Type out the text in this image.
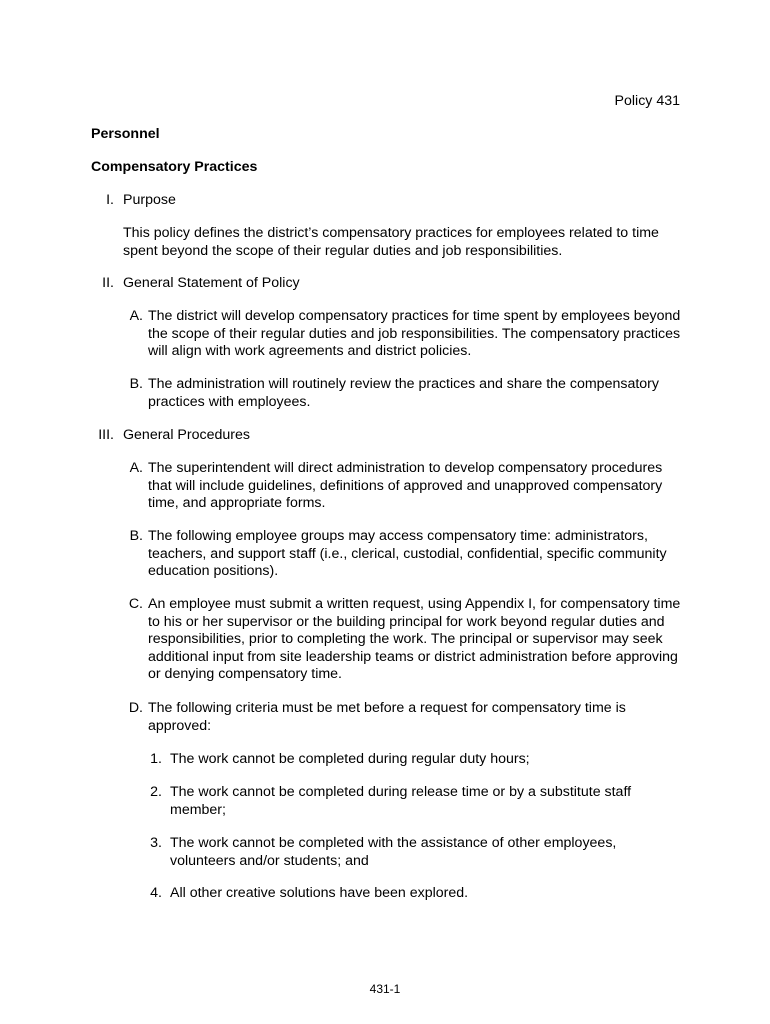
Policy 431
Personnel
Compensatory Practices
I. Purpose
This policy defines the district’s compensatory practices for employees related to time spent beyond the scope of their regular duties and job responsibilities.
II. General Statement of Policy
A. The district will develop compensatory practices for time spent by employees beyond the scope of their regular duties and job responsibilities. The compensatory practices will align with work agreements and district policies.
B. The administration will routinely review the practices and share the compensatory practices with employees.
III. General Procedures
A. The superintendent will direct administration to develop compensatory procedures that will include guidelines, definitions of approved and unapproved compensatory time, and appropriate forms.
B. The following employee groups may access compensatory time: administrators, teachers, and support staff (i.e., clerical, custodial, confidential, specific community education positions).
C. An employee must submit a written request, using Appendix I, for compensatory time to his or her supervisor or the building principal for work beyond regular duties and responsibilities, prior to completing the work. The principal or supervisor may seek additional input from site leadership teams or district administration before approving or denying compensatory time.
D. The following criteria must be met before a request for compensatory time is approved:
1. The work cannot be completed during regular duty hours;
2. The work cannot be completed during release time or by a substitute staff member;
3. The work cannot be completed with the assistance of other employees, volunteers and/or students; and
4. All other creative solutions have been explored.
431-1
